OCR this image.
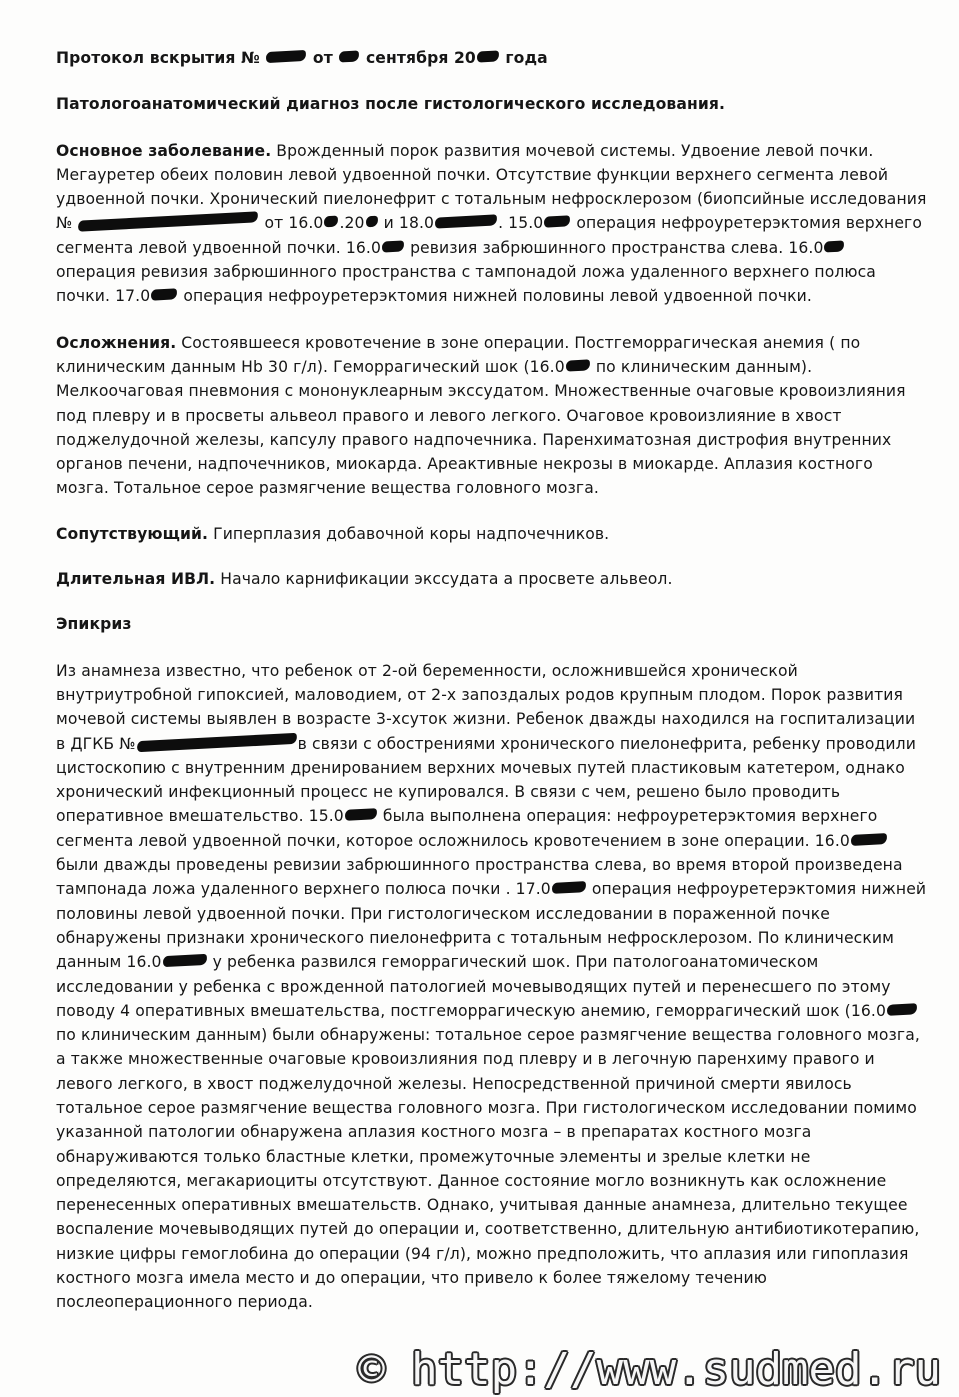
Протокол вскрытия №	от сентября 20 года

Патологоанатомический диагноз после гистологического исследования.

Основное заболевание. Врожденный порок развития мочевой системы. Удвоение левой почки. Мегауретер обеих половин левой удвоенной почки. Отсутствие функции верхнего сегмента левой удвоенной почки. Хронический пиелонефрит с тотальным нефросклерозом (биопсийные исследования №	от 16.0 .20 и 18.0	. 15.0 операция нефроуретерэктомия верхнего сегмента левой удвоенной почки. 16.0 ревизия забрюшинного пространства слева. 16.0 операция ревизия забрюшинного пространства с тампонадой ложа удаленного верхнего полюса почки. 17.0 операция нефроуретерэктомия нижней половины левой удвоенной почки.

Осложнения. Состоявшееся кровотечение в зоне операции. Постгеморрагическая анемия ( по клиническим данным Hb 30 г/л). Геморрагический шок (16.0 по клиническим данным). Мелкоочаговая пневмония с мононуклеарным экссудатом. Множественные очаговые кровоизлияния под плевру и в просветы альвеол правого и левого легкого. Очаговое кровоизлияние в хвост поджелудочной железы, капсулу правого надпочечника. Паренхиматозная дистрофия внутренних органов печени, надпочечников, миокарда. Ареактивные некрозы в миокарде. Аплазия костного мозга. Тотальное серое размягчение вещества головного мозга.

Сопутствующий. Гиперплазия добавочной коры надпочечников.

Длительная ИВЛ. Начало карнификации экссудата а просвете альвеол.

Эпикриз

Из анамнеза известно, что ребенок от 2-ой беременности, осложнившейся хронической внутриутробной гипоксией, маловодием, от 2-х запоздалых родов крупным плодом. Порок развития мочевой системы выявлен в возрасте 3-хсуток жизни. Ребенок дважды находился на госпитализации в ДГКБ №	в связи с обострениями хронического пиелонефрита, ребенку проводили цистоскопию с внутренним дренированием верхних мочевых путей пластиковым катетером, однако хронический инфекционный процесс не купировался. В связи с чем, решено было проводить оперативное вмешательство. 15.0	была выполнена операция: нефроуретерэктомия верхнего сегмента левой удвоенной почки, которое осложнилось кровотечением в зоне операции. 16.0 были дважды проведены ревизии забрюшинного пространства слева, во время второй произведена тампонада ложа удаленного верхнего полюса почки . 17.0	операция нефроуретерэктомия нижней половины левой удвоенной почки. При гистологическом исследовании в пораженной почке обнаружены признаки хронического пиелонефрита с тотальным нефросклерозом. По клиническим данным 16.0	у ребенка развился геморрагический шок. При патологоанатомическом исследовании у ребенка с врожденной патологией мочевыводящих путей и перенесшего по этому поводу 4 оперативных вмешательства, постгеморрагическую анемию, геморрагический шок (16.0по клиническим данным) были обнаружены: тотальное серое размягчение вещества головного мозга, а также множественные очаговые кровоизлияния под плевру и в легочную паренхиму правого и левого легкого, в хвост поджелудочной железы. Непосредственной причиной смерти явилось тотальное серое размягчение вещества головного мозга. При гистологическом исследовании помимо указанной патологии обнаружена аплазия костного мозга – в препаратах костного мозга обнаруживаются только бластные клетки, промежуточные элементы и зрелые клетки не определяются, мегакариоциты отсутствуют. Данное состояние могло возникнуть как осложнение перенесенных оперативных вмешательств. Однако, учитывая данные анамнеза, длительно текущее воспаление мочевыводящих путей до операции и, соответственно, длительную антибиотикотерапию, низкие цифры гемоглобина до операции (94 г/л), можно предположить, что аплазия или гипоплазия костного мозга имела место и до операции, что привело к более тяжелому течению послеоперационного периода.

© http://www.sudmed.ru
